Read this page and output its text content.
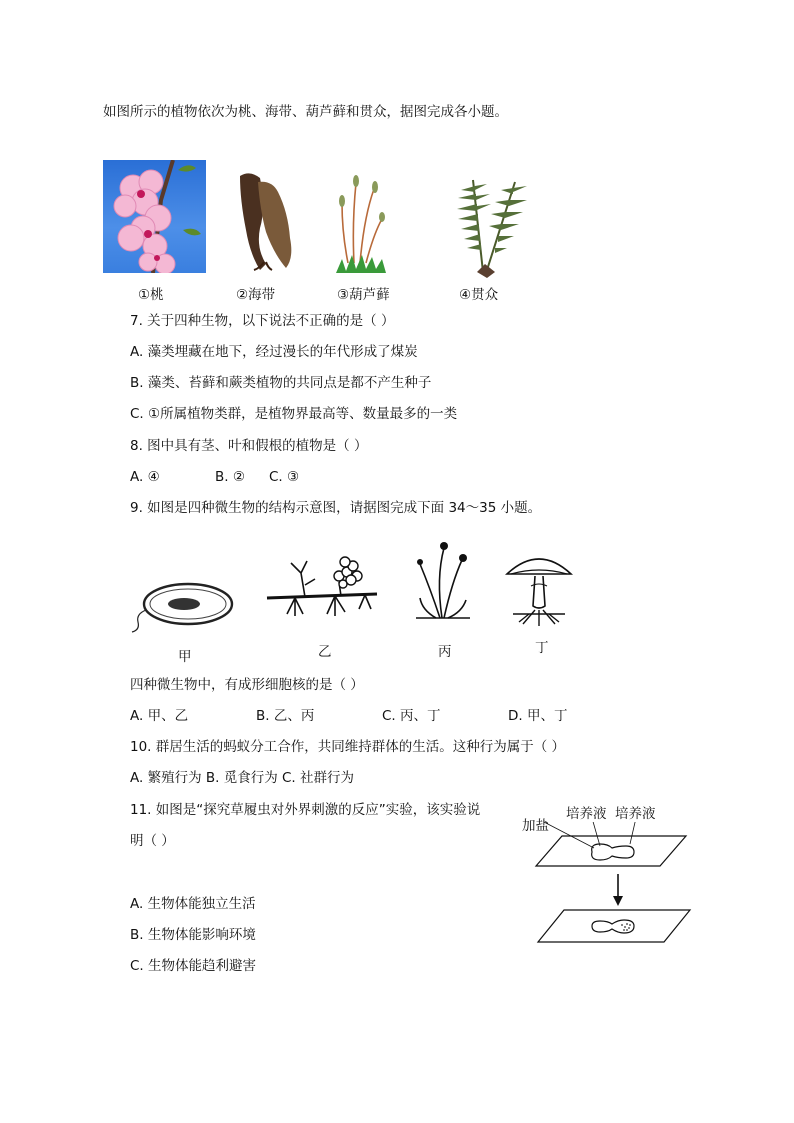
如图所示的植物依次为桃、海带、葫芦藓和贯众，据图完成各小题。
①桃	②海带	③葫芦藓	④贯众
7. 关于四种生物，以下说法不正确的是（ ）
A. 藻类埋藏在地下，经过漫长的年代形成了煤炭
B. 藻类、苔藓和蕨类植物的共同点是都不产生种子
C. ①所属植物类群，是植物界最高等、数量最多的一类
8. 图中具有茎、叶和假根的植物是（ ）
A. ④	B. ② C. ③
9. 如图是四种微生物的结构示意图，请据图完成下面 34～35 小题。
甲	乙	丙	丁
四种微生物中，有成形细胞核的是（ ）
A. 甲、乙	B. 乙、丙	C. 丙、丁	D. 甲、丁
10. 群居生活的蚂蚁分工合作，共同维持群体的生活。这种行为属于（ ）
A. 繁殖行为 B. 觅食行为 C. 社群行为
11. 如图是“探究草履虫对外界刺激的反应”实验，该实验说
明（ ）
A. 生物体能独立生活
B. 生物体能影响环境
C. 生物体能趋利避害
加盐
培养液 培养液
